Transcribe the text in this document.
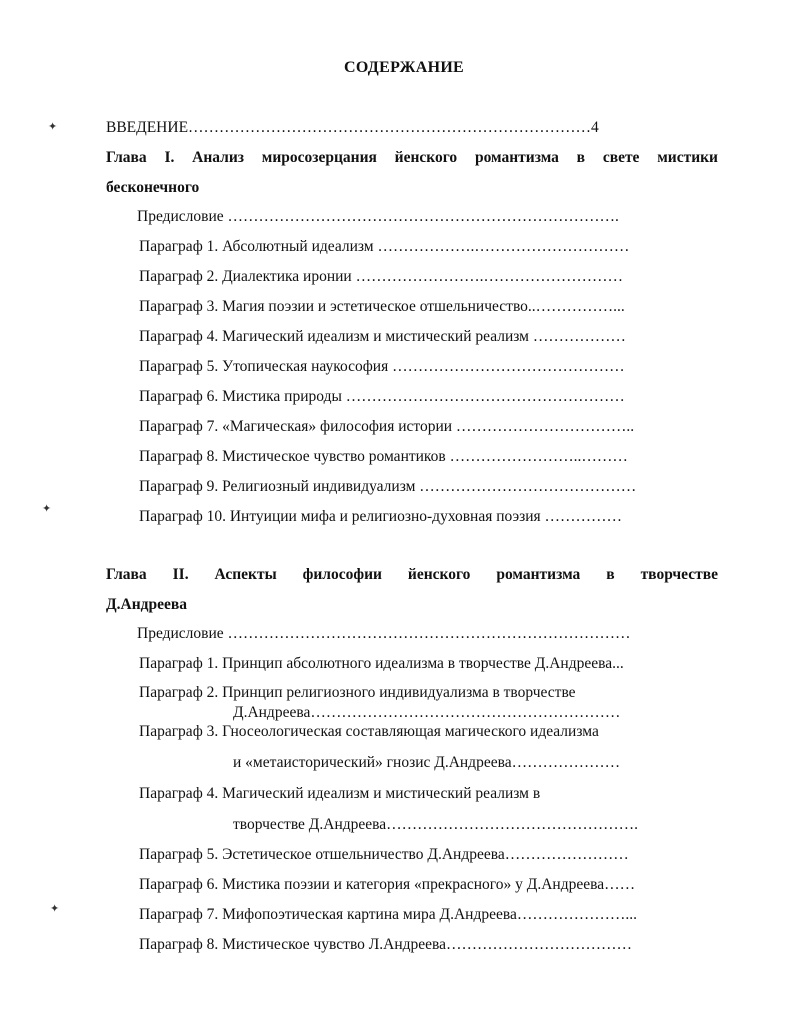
СОДЕРЖАНИЕ
✦
✦
✦
ВВЕДЕНИЕ……………………………………………………………………4
Глава I. Анализ миросозерцания йенского романтизма в свете мистики
бесконечного
Предисловие ………………………………………………………………….
Параграф 1. Абсолютный идеализм ……………….…………………………
Параграф 2. Диалектика иронии …………………….………………………
Параграф 3. Магия поэзии и эстетическое отшельничество..……………...
Параграф 4. Магический идеализм и мистический реализм ………………
Параграф 5. Утопическая наукософия ………………………………………
Параграф 6. Мистика природы ………………………………………………
Параграф 7. «Магическая» философия истории ……………………………..
Параграф 8. Мистическое чувство романтиков ……………………..………
Параграф 9. Религиозный индивидуализм ……………………………………
Параграф 10. Интуиции мифа и религиозно-духовная поэзия ……………
Глава II. Аспекты философии йенского романтизма в творчестве
Д.Андреева
Предисловие ……………………………………………………………………
Параграф 1. Принцип абсолютного идеализма в творчестве Д.Андреева...
Параграф 2. Принцип религиозного индивидуализма в творчестве
Д.Андреева……………………………………………………
Параграф 3. Гносеологическая составляющая магического идеализма
и «метаисторический» гнозис Д.Андреева…………………
Параграф 4. Магический идеализм и мистический реализм в
творчестве Д.Андреева………………………………………….
Параграф 5. Эстетическое отшельничество Д.Андреева……………………
Параграф 6. Мистика поэзии и категория «прекрасного» у Д.Андреева……
Параграф 7. Мифопоэтическая картина мира Д.Андреева…………………...
Параграф 8. Мистическое чувство Л.Андреева………………………………
